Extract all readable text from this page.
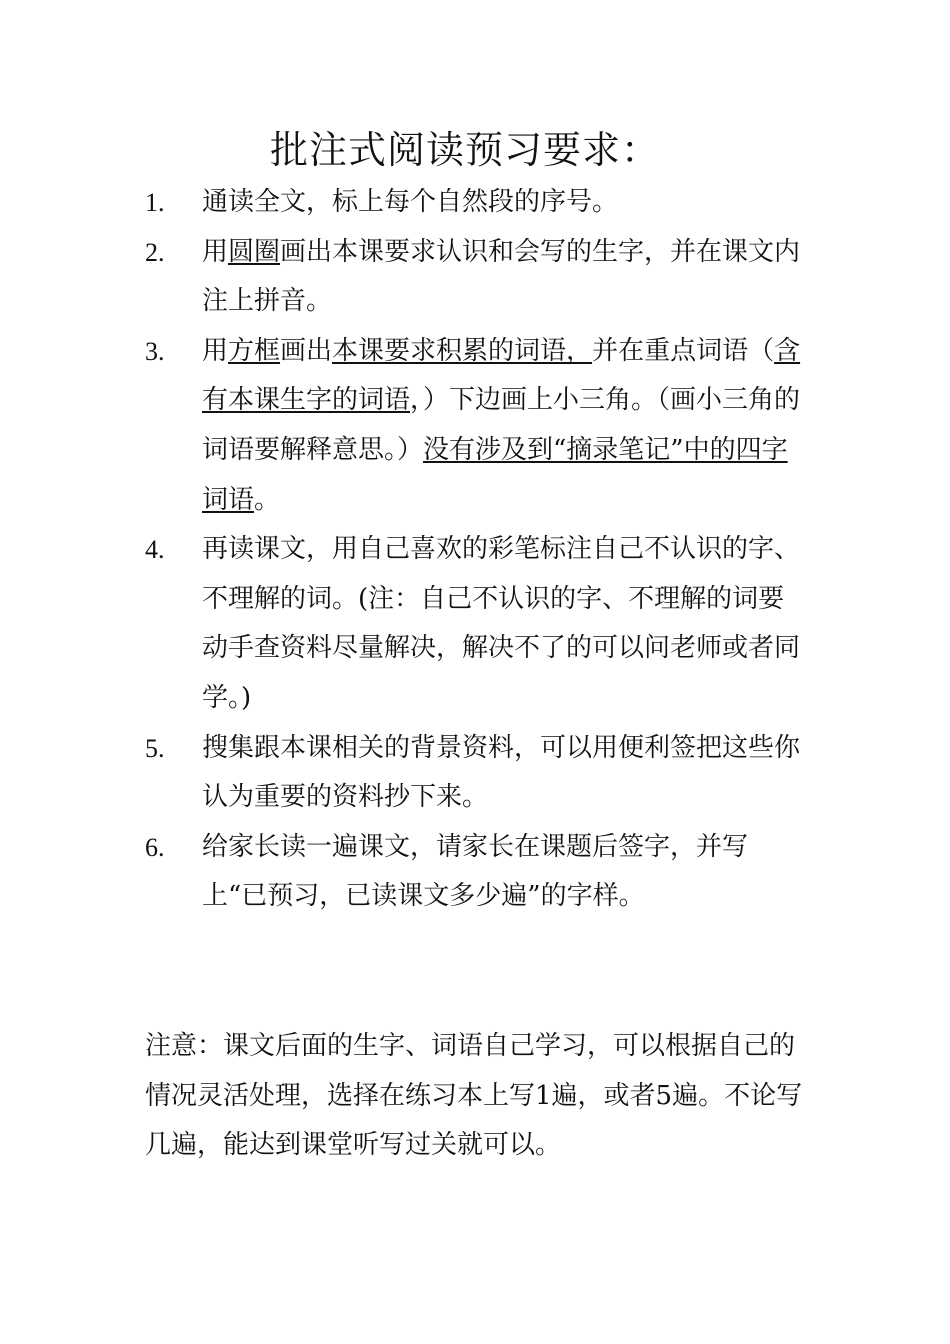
批注式阅读预习要求：
1. 通读全文，标上每个自然段的序号。
2. 用圆圈画出本课要求认识和会写的生字，并在课文内注上拼音。
3. 用方框画出本课要求积累的词语，并在重点词语（含有本课生字的词语，）下边画上小三角。（画小三角的词语要解释意思。）没有涉及到“摘录笔记”中的四字词语。
4. 再读课文，用自己喜欢的彩笔标注自己不认识的字、不理解的词。(注：自己不认识的字、不理解的词要动手查资料尽量解决，解决不了的可以问老师或者同学。)
5. 搜集跟本课相关的背景资料，可以用便利签把这些你认为重要的资料抄下来。
6. 给家长读一遍课文，请家长在课题后签字，并写上“已预习，已读课文多少遍”的字样。

注意：课文后面的生字、词语自己学习，可以根据自己的情况灵活处理，选择在练习本上写1遍，或者5遍。不论写几遍，能达到课堂听写过关就可以。
